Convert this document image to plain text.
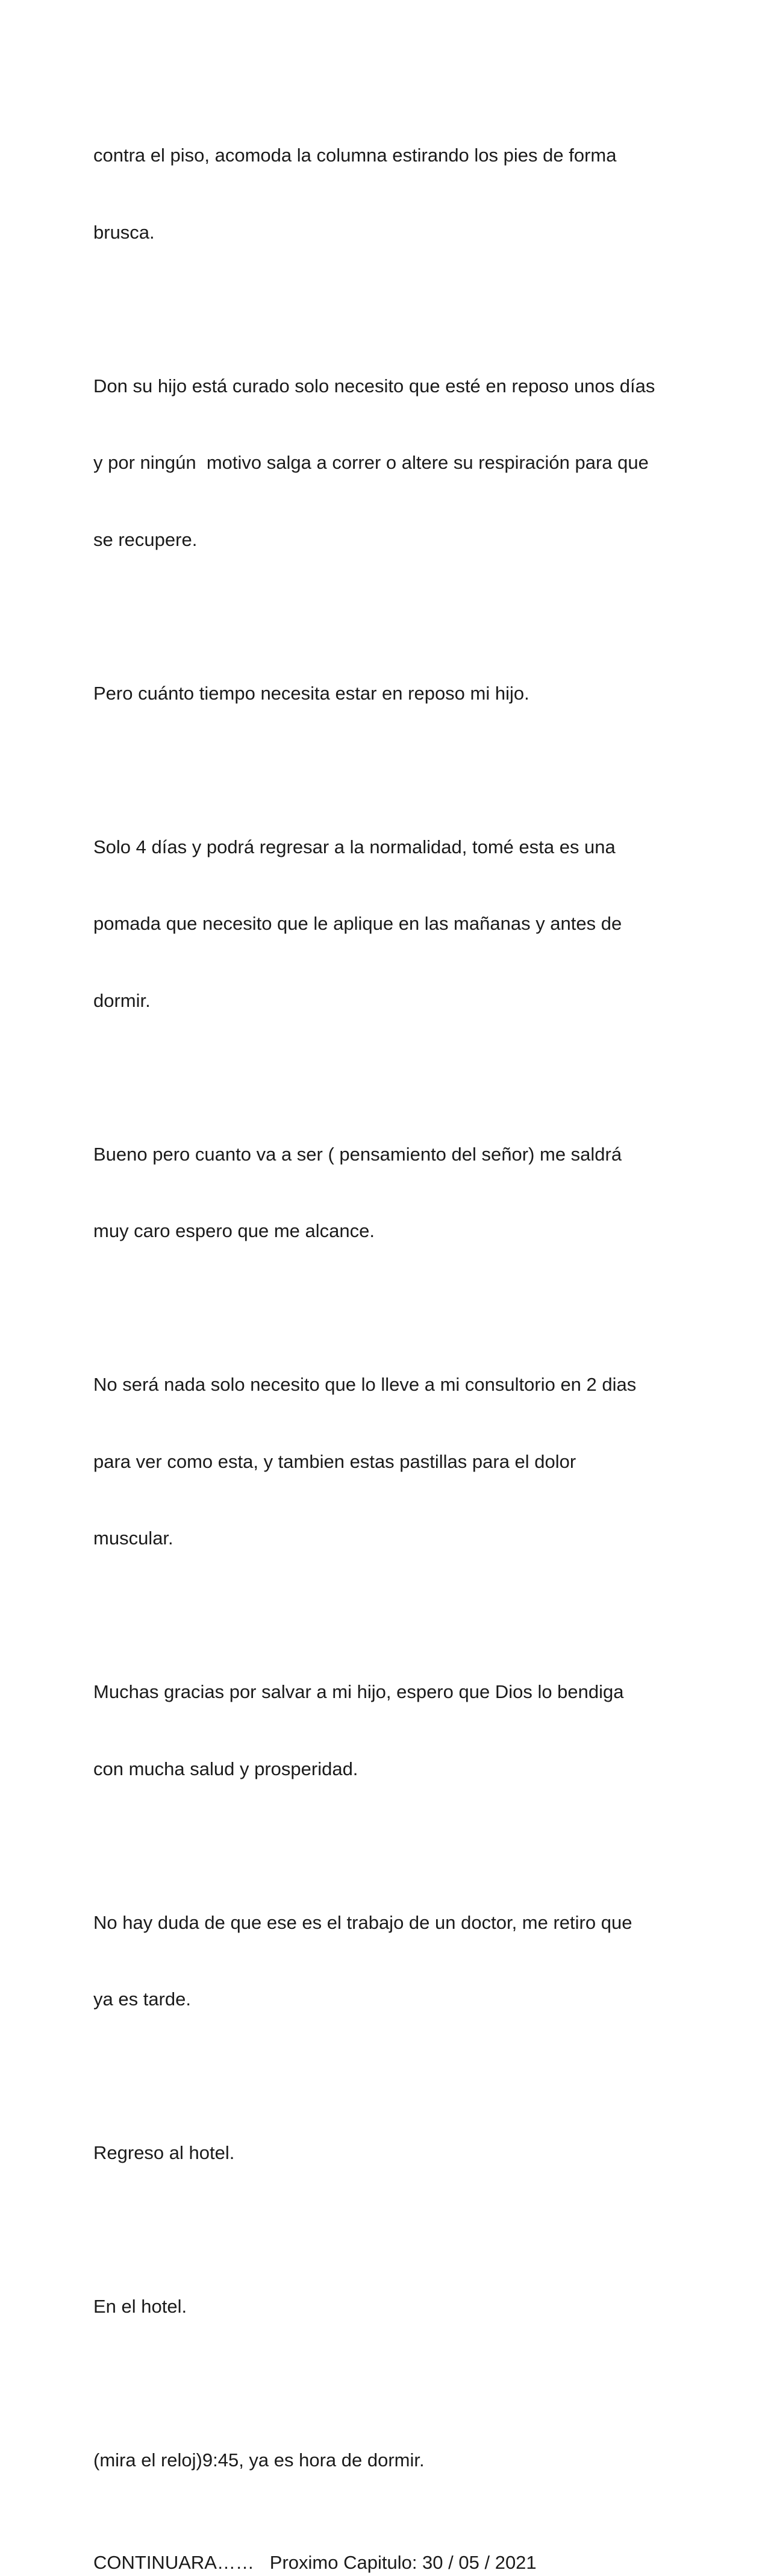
contra el piso, acomoda la columna estirando los pies de forma

brusca.

Don su hijo está curado solo necesito que esté en reposo unos días

y por ningún  motivo salga a correr o altere su respiración para que

se recupere.

Pero cuánto tiempo necesita estar en reposo mi hijo.

Solo 4 días y podrá regresar a la normalidad, tomé esta es una

pomada que necesito que le aplique en las mañanas y antes de

dormir.

Bueno pero cuanto va a ser ( pensamiento del señor) me saldrá

muy caro espero que me alcance.

No será nada solo necesito que lo lleve a mi consultorio en 2 dias

para ver como esta, y tambien estas pastillas para el dolor

muscular.

Muchas gracias por salvar a mi hijo, espero que Dios lo bendiga

con mucha salud y prosperidad.

No hay duda de que ese es el trabajo de un doctor, me retiro que

ya es tarde.

Regreso al hotel.

En el hotel.

(mira el reloj)9:45, ya es hora de dormir.

CONTINUARA……   Proximo Capitulo: 30 / 05 / 2021
